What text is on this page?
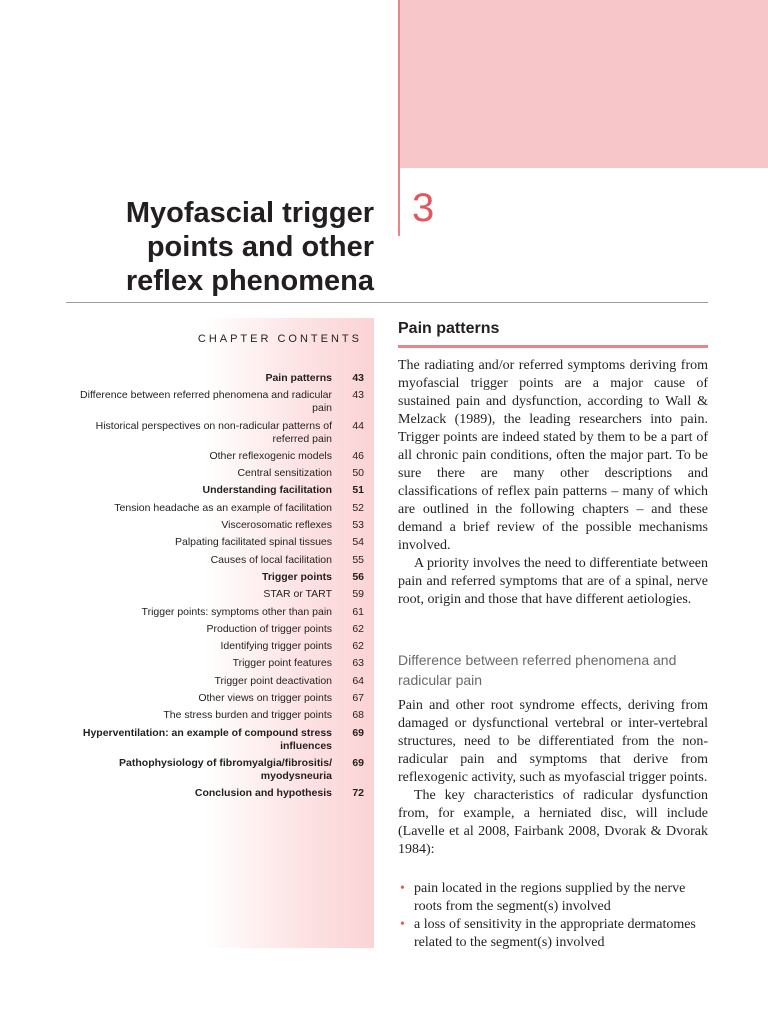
3
Myofascial trigger
points and other
reflex phenomena
CHAPTER CONTENTS
Pain patterns	43
Difference between referred phenomena and radicular pain
43
Historical perspectives on non-radicular patterns of referred pain
44
Other reflexogenic models	46
Central sensitization	50
Understanding facilitation	51
Tension headache as an example of facilitation	52
Viscerosomatic reflexes	53
Palpating facilitated spinal tissues	54
Causes of local facilitation	55
Trigger points	56
STAR or TART	59
Trigger points: symptoms other than pain	61
Production of trigger points	62
Identifying trigger points	62
Trigger point features	63
Trigger point deactivation	64
Other views on trigger points	67
The stress burden and trigger points	68
Hyperventilation: an example of compound stress influences
69
Pathophysiology of fibromyalgia/fibrositis/ myodysneuria
69
Conclusion and hypothesis	72
Pain patterns

The radiating and/or referred symptoms deriving from myofascial trigger points are a major cause of sustained pain and dysfunction, according to Wall & Melzack (1989), the leading researchers into pain. Trigger points are indeed stated by them to be a part of all chronic pain conditions, often the major part. To be sure there are many other descriptions and classifications of reflex pain patterns – many of which are outlined in the following chapters – and these demand a brief review of the possible mechanisms involved.

A priority involves the need to differentiate between pain and referred symptoms that are of a spinal, nerve root, origin and those that have different aetiologies.

Difference between referred phenomena and radicular pain

Pain and other root syndrome effects, deriving from damaged or dysfunctional vertebral or inter-vertebral structures, need to be differentiated from the non-radicular pain and symptoms that derive from reflexogenic activity, such as myofascial trigger points.

The key characteristics of radicular dysfunction from, for example, a herniated disc, will include (Lavelle et al 2008, Fairbank 2008, Dvorak & Dvorak 1984):

• pain located in the regions supplied by the nerve roots from the segment(s) involved
• a loss of sensitivity in the appropriate dermatomes related to the segment(s) involved
